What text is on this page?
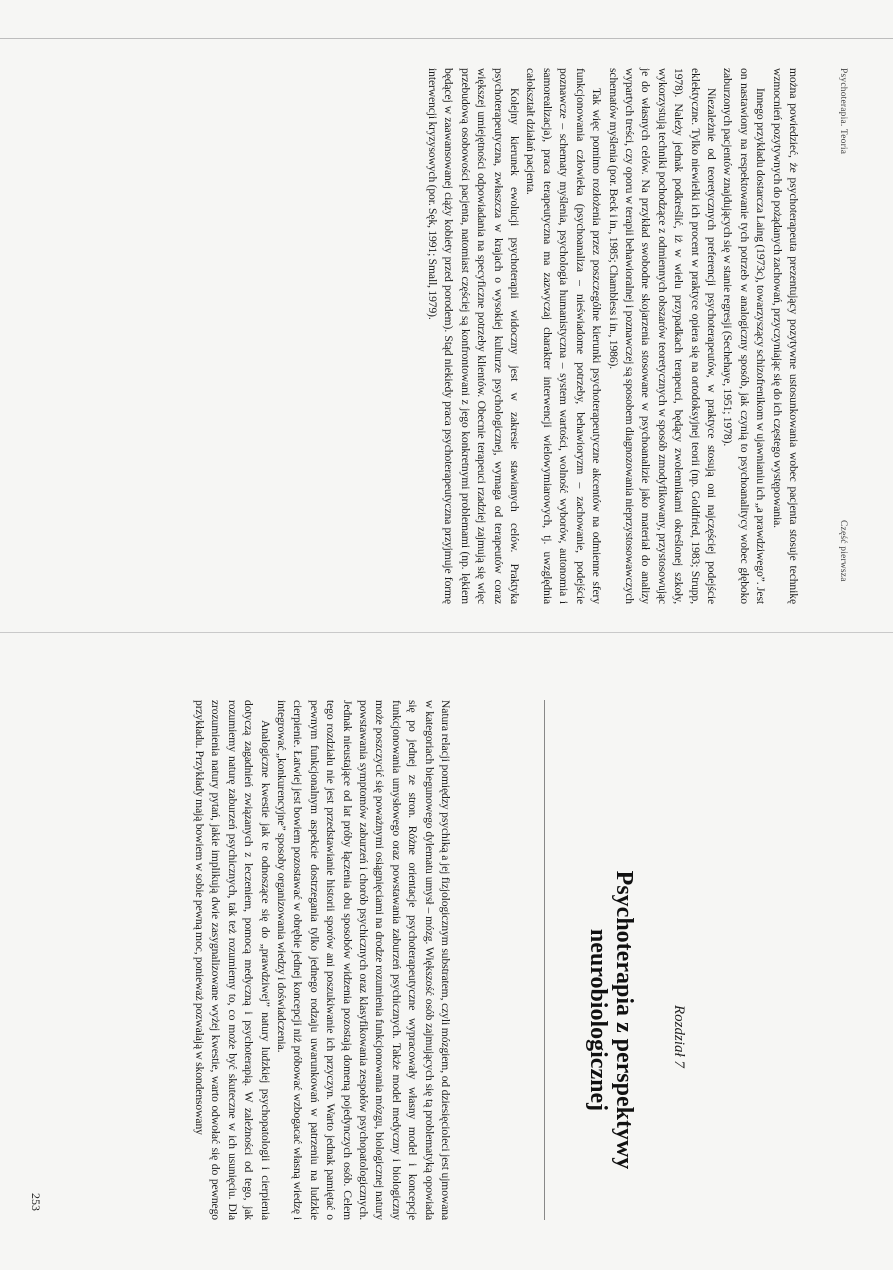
Psychoterapia. Teoria
Część pierwsza

można powiedzieć, że psychoterapeuta prezentujący pozytywne ustosunkowania wobec pacjenta stosuje technikę wzmocnień pozytywnych do pożądanych zachowań, przyczyniając się do ich częstego występowania.

Innego przykładu dostarcza Laing (1973c), towarzyszący schizofrenikom w ujawnianiu ich „a prawdziwego”. Jest on nastawiony na respektowanie tych potrzeb w analogiczny sposób, jak czynią to psychoanalitycy wobec głęboko zaburzonych pacjentów znajdujących się w stanie regresji (Sechehaye, 1951; 1978).

Niezależnie od teoretycznych preferencji psychoterapeutów, w praktyce stosują oni najczęściej podejście eklektyczne. Tylko niewielki ich procent w praktyce opiera się na ortodoksyjnej teorii (np. Goldfried, 1983; Strupp, 1978). Należy jednak podkreślić, iż w wielu przypadkach terapeuci, będący zwolennikami określonej szkoły, wykorzystują techniki pochodzące z odmiennych obszarów teoretycznych w sposób zmodyfikowany, przystosowując je do własnych celów. Na przykład swobodne skojarzenia stosowane w psychoanalizie jako materiał do analizy wypartych treści, czy oporu w terapii behawioralnej i poznawczej są sposobem diagnozowania nieprzystosowawczych schematów myślenia (por. Beck i in., 1985; Chambless i in., 1986).

Tak więc pomimo rozłożenia przez poszczególne kierunki psychoterapeutyczne akcentów na odmienne sfery funkcjonowania człowieka (psychoanaliza – nieświadome potrzeby, behawioryzm – zachowanie, podejście poznawcze – schematy myślenia, psychologia humanistyczna – system wartości, wolność wyborów, autonomia i samorealizacja), praca terapeutyczna ma zazwyczaj charakter interwencji wielowymiarowych, tj. uwzględnia całokształt działań pacjenta.

Kolejny kierunek ewolucji psychoterapii widoczny jest w zakresie stawianych celów. Praktyka psychoterapeutyczna, zwłaszcza w krajach o wysokiej kulturze psychologicznej, wymaga od terapeutów coraz większej umiejętności odpowiadania na specyficzne potrzeby klientów. Obecnie terapeuci rzadziej zajmują się więc przebudową osobowości pacjenta, natomiast częściej są konfrontowani z jego konkretnymi problemami (np. lękiem będącej w zaawansowanej ciąży kobiety przed porodem). Stąd niekiedy praca psychoterapeutyczna przyjmuje formę interwencji kryzysowych (por. Sęk, 1991; Small, 1979).

Rozdział 7
Psychoterapia z perspektywy
neurobiologicznej

Natura relacji pomiędzy psychiką a jej fizjologicznym substratem, czyli mózgiem, od dziesięcioleci jest ujmowana w kategoriach biegunowego dylematu umysł – mózg. Większość osób zajmujących się tą problematyką opowiada się po jednej ze stron. Różne orientacje psychoterapeutyczne wypracowały własny model i koncepcje funkcjonowania umysłowego oraz powstawania zaburzeń psychicznych. Także model medyczny i biologiczny może poszczycić się poważnymi osiągnięciami na drodze rozumienia funkcjonowania mózgu, biologicznej natury powstawania symptomów zaburzeń i chorób psychicznych oraz klasyfikowania zespołów psychopatologicznych. Jednak nieustające od lat próby łączenia obu sposobów widzenia pozostają domeną pojedynczych osób. Celem tego rozdziału nie jest przedstawianie historii sporów ani poszukiwanie ich przyczyn. Warto jednak pamiętać o pewnym funkcjonalnym aspekcie dostrzegania tylko jednego rodzaju uwarunkowań w patrzeniu na ludzkie cierpienie. Łatwiej jest bowiem pozostawać w obrębie jednej koncepcji niż próbować wzbogacać własną wiedzę i integrować „konkurencyjne” sposoby organizowania wiedzy i doświadczenia.

Analogiczne kwestie jak te odnoszące się do „prawdziwej” natury ludzkiej psychopatologii i cierpienia dotyczą zagadnień związanych z leczeniem, pomocą medyczną i psychoterapią. W zależności od tego, jak rozumiemy naturę zaburzeń psychicznych, tak też rozumiemy to, co może być skuteczne w ich usunięciu. Dla zrozumienia natury pytań, jakie implikują dwie zasygnalizowane wyżej kwestie, warto odwołać się do pewnego przykładu. Przykłady mają bowiem w sobie pewną moc, ponieważ pozwalają w skondensowany

253
